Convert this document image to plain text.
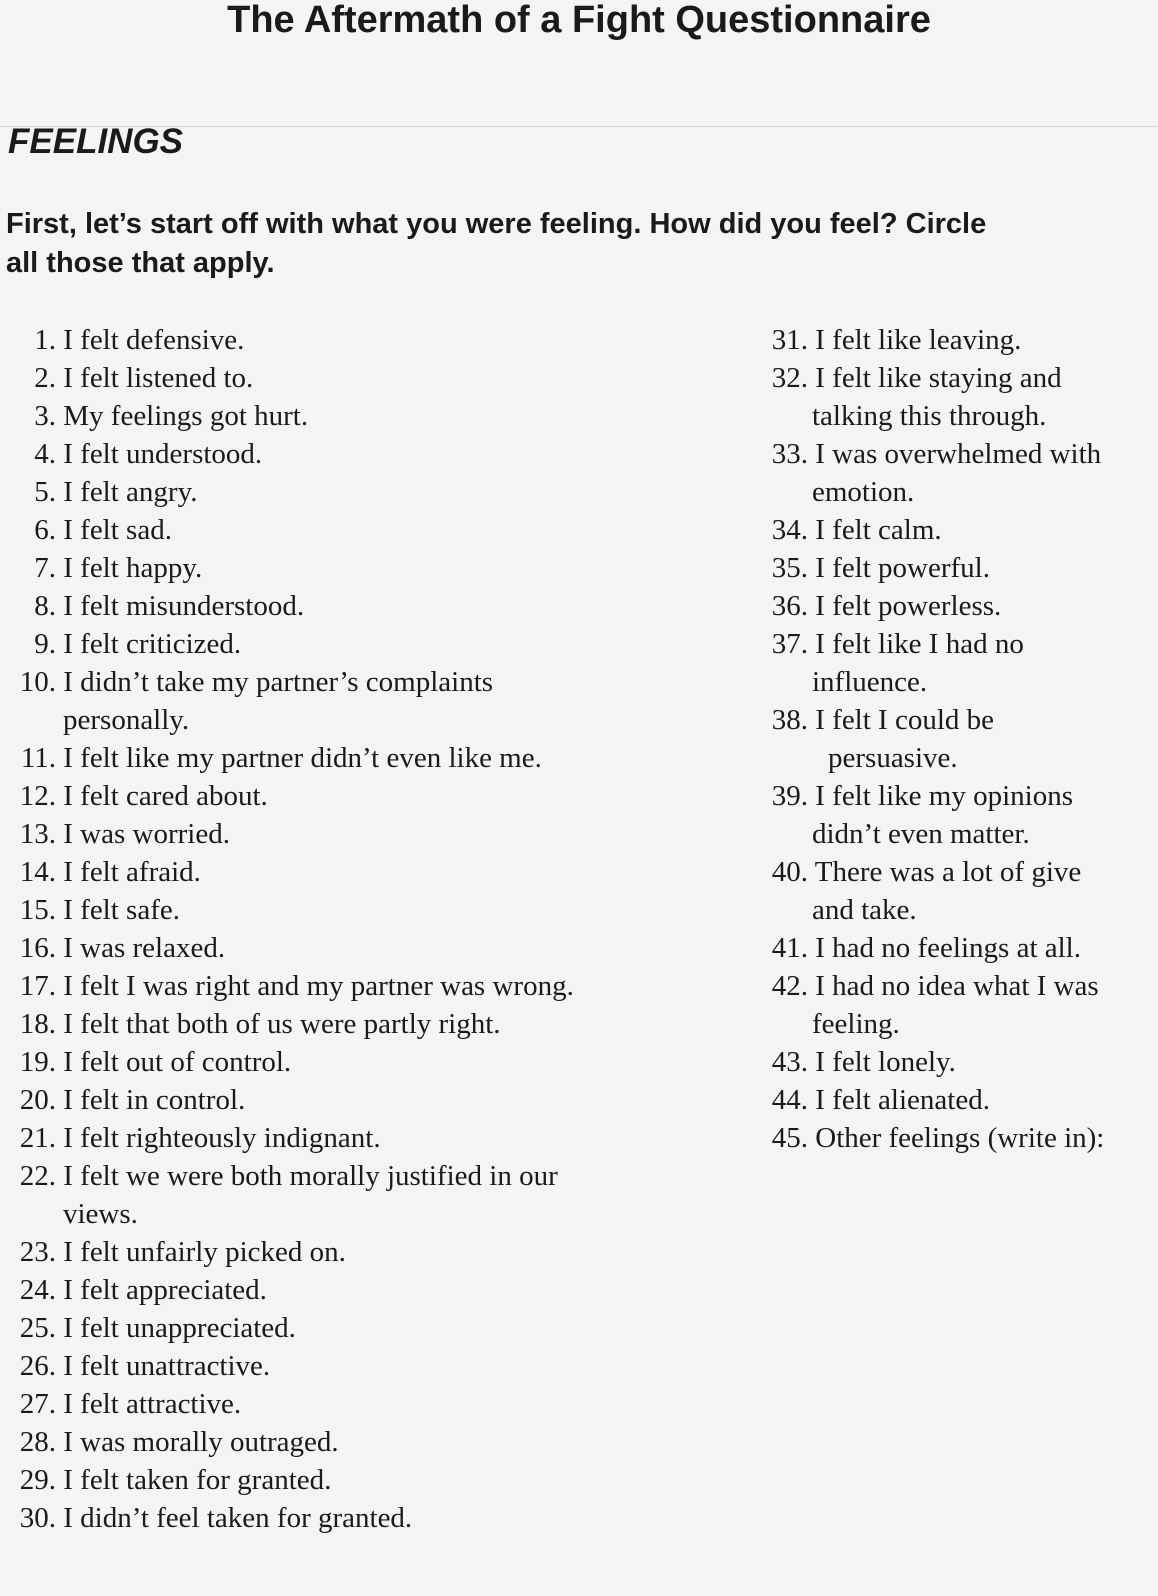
The Aftermath of a Fight Questionnaire
FEELINGS

First, let’s start off with what you were feeling. How did you feel? Circle
all those that apply.

1. I felt defensive.
2. I felt listened to.
3. My feelings got hurt.
4. I felt understood.
5. I felt angry.
6. I felt sad.
7. I felt happy.
8. I felt misunderstood.
9. I felt criticized.
10. I didn’t take my partner’s complaints
personally.
11. I felt like my partner didn’t even like me.
12. I felt cared about.
13. I was worried.
14. I felt afraid.
15. I felt safe.
16. I was relaxed.
17. I felt I was right and my partner was wrong.
18. I felt that both of us were partly right.
19. I felt out of control.
20. I felt in control.
21. I felt righteously indignant.
22. I felt we were both morally justified in our
views.
23. I felt unfairly picked on.
24. I felt appreciated.
25. I felt unappreciated.
26. I felt unattractive.
27. I felt attractive.
28. I was morally outraged.
29. I felt taken for granted.
30. I didn’t feel taken for granted.
31. I felt like leaving.
32. I felt like staying and
talking this through.
33. I was overwhelmed with
emotion.
34. I felt calm.
35. I felt powerful.
36. I felt powerless.
37. I felt like I had no
influence.
38. I felt I could be
persuasive.
39. I felt like my opinions
didn’t even matter.
40. There was a lot of give
and take.
41. I had no feelings at all.
42. I had no idea what I was
feeling.
43. I felt lonely.
44. I felt alienated.
45. Other feelings (write in):
